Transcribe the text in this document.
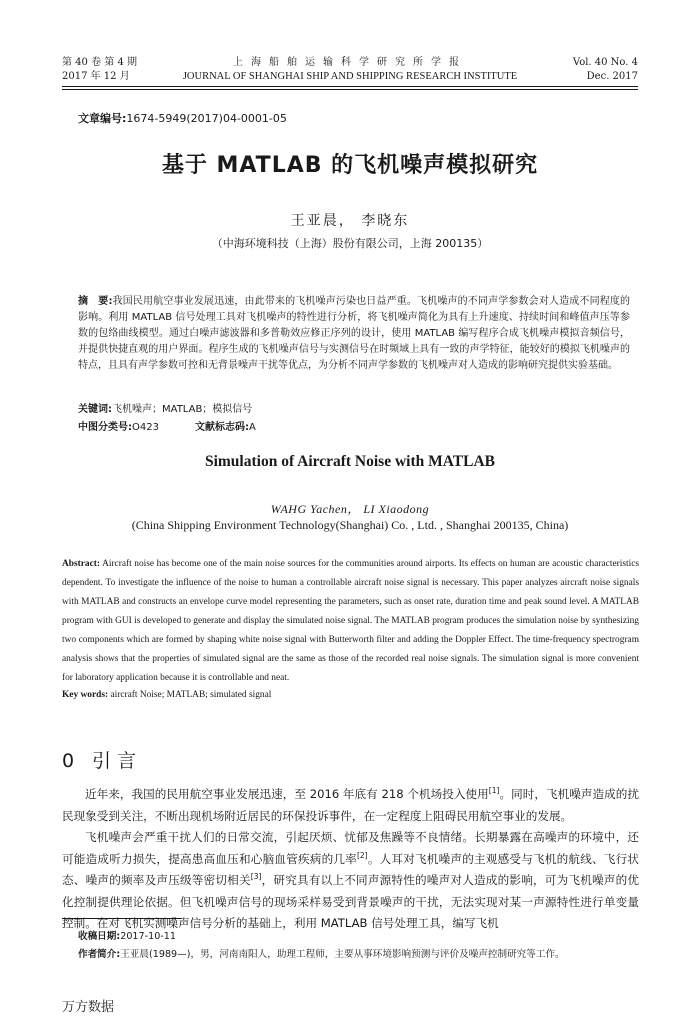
第 40 卷 第 4 期
2017 年 12 月
上海船舶运输科学研究所学报
JOURNAL OF SHANGHAI SHIP AND SHIPPING RESEARCH INSTITUTE
Vol. 40 No. 4
Dec. 2017
文章编号:1674-5949(2017)04-0001-05
基于 MATLAB 的飞机噪声模拟研究
王亚晨， 李晓东
（中海环境科技（上海）股份有限公司，上海 200135）
摘　要:我国民用航空事业发展迅速，由此带来的飞机噪声污染也日益严重。飞机噪声的不同声学参数会对人造成不同程度的影响。利用 MATLAB 信号处理工具对飞机噪声的特性进行分析，将飞机噪声简化为具有上升速度、持续时间和峰值声压等参数的包络曲线模型。通过白噪声滤波器和多普勒效应修正序列的设计，使用 MATLAB 编写程序合成飞机噪声模拟音频信号，并提供快捷直观的用户界面。程序生成的飞机噪声信号与实测信号在时频域上具有一致的声学特征，能较好的模拟飞机噪声的特点，且具有声学参数可控和无背景噪声干扰等优点，为分析不同声学参数的飞机噪声对人造成的影响研究提供实验基础。
关键词:飞机噪声；MATLAB；模拟信号
中图分类号:O423	文献标志码:A
Simulation of Aircraft Noise with MATLAB
WAHG Yachen， LI Xiaodong
(China Shipping Environment Technology(Shanghai) Co. , Ltd. , Shanghai 200135, China)
Abstract: Aircraft noise has become one of the main noise sources for the communities around airports. Its effects on human are acoustic characteristics dependent. To investigate the influence of the noise to human a controllable aircraft noise signal is necessary. This paper analyzes aircraft noise signals with MATLAB and constructs an envelope curve model representing the parameters, such as onset rate, duration time and peak sound level. A MATLAB program with GUI is developed to generate and display the simulated noise signal. The MATLAB program produces the simulation noise by synthesizing two components which are formed by shaping white noise signal with Butterworth filter and adding the Doppler Effect. The time-frequency spectrogram analysis shows that the properties of simulated signal are the same as those of the recorded real noise signals. The simulation signal is more convenient for laboratory application because it is controllable and neat.
Key words: aircraft Noise; MATLAB; simulated signal
0 引言

近年来，我国的民用航空事业发展迅速，至 2016 年底有 218 个机场投入使用[1]。同时，飞机噪声造成的扰民现象受到关注，不断出现机场附近居民的环保投诉事件，在一定程度上阻碍民用航空事业的发展。

飞机噪声会严重干扰人们的日常交流，引起厌烦、忧郁及焦躁等不良情绪。长期暴露在高噪声的环境中，还可能造成听力损失，提高患高血压和心脑血管疾病的几率[2]。人耳对飞机噪声的主观感受与飞机的航线、飞行状态、噪声的频率及声压级等密切相关[3]，研究具有以上不同声源特性的噪声对人造成的影响，可为飞机噪声的优化控制提供理论依据。但飞机噪声信号的现场采样易受到背景噪声的干扰，无法实现对某一声源特性进行单变量控制。在对飞机实测噪声信号分析的基础上，利用 MATLAB 信号处理工具，编写飞机

收稿日期:2017-10-11
作者简介:王亚晨(1989—)，男，河南南阳人，助理工程师，主要从事环境影响预测与评价及噪声控制研究等工作。
万方数据
